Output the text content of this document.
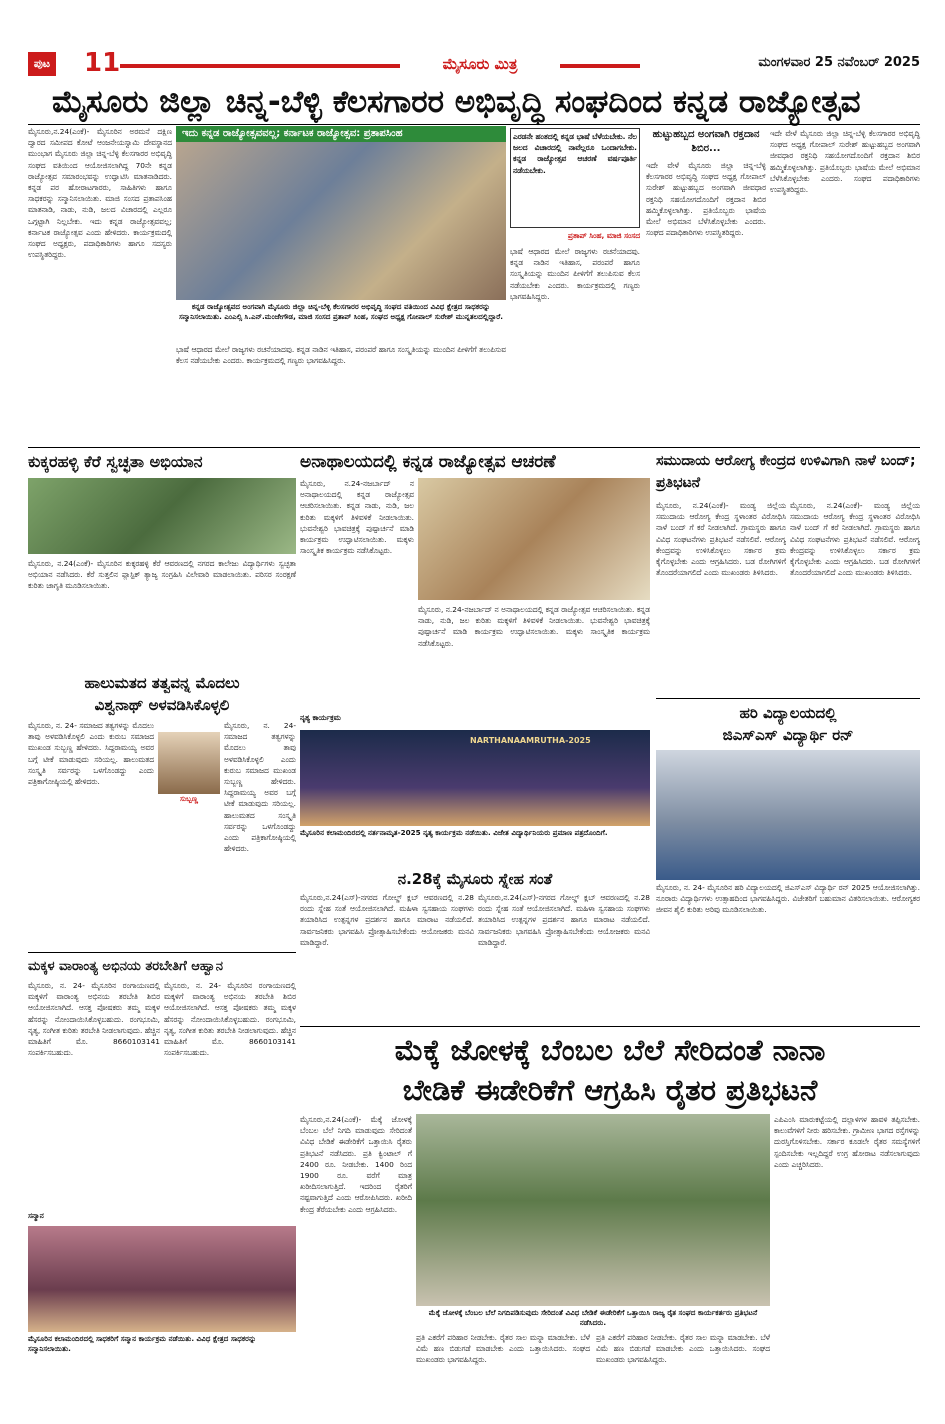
ಪುಟ 11	ಮೈಸೂರು ಮಿತ್ರ	ಮಂಗಳವಾರ 25 ನವೆಂಬರ್ 2025
ಮೈಸೂರು ಜಿಲ್ಲಾ ಚಿನ್ನ-ಬೆಳ್ಳಿ ಕೆಲಸಗಾರರ ಅಭಿವೃದ್ಧಿ ಸಂಘದಿಂದ ಕನ್ನಡ ರಾಜ್ಯೋತ್ಸವ
ಮೈಸೂರು,ನ.24(ಎಂಕೆ)- ಮೈಸೂರಿನ ಅರಮನೆ ದಕ್ಷಿಣ ದ್ವಾರದ ಸಮೀಪದ ಕೋಟೆ ಆಂಜನೇಯಸ್ವಾಮಿ ದೇವಸ್ಥಾನದ ಮುಂಭಾಗ ಮೈಸೂರು ಜಿಲ್ಲಾ ಚಿನ್ನ-ಬೆಳ್ಳಿ ಕೆಲಸಗಾರರ ಅಭಿವೃದ್ಧಿ ಸಂಘದ ವತಿಯಿಂದ ಆಯೋಜಿಸಲಾಗಿದ್ದ 70ನೇ ಕನ್ನಡ ರಾಜ್ಯೋತ್ಸವ ಸಮಾರಂಭವನ್ನು ಉದ್ಘಾಟಿಸಿ ಮಾತನಾಡಿದರು. ಕನ್ನಡ ಪರ ಹೋರಾಟಗಾರರು, ಸಾಹಿತಿಗಳು ಹಾಗೂ ಸಾಧಕರನ್ನು ಸನ್ಮಾನಿಸಲಾಯಿತು. ಮಾಜಿ ಸಂಸದ ಪ್ರತಾಪಸಿಂಹ ಮಾತನಾಡಿ, ನಾಡು, ನುಡಿ, ಜಲದ ವಿಚಾರದಲ್ಲಿ ಎಲ್ಲರೂ ಒಗ್ಗಟ್ಟಾಗಿ ನಿಲ್ಲಬೇಕು. ಇದು ಕನ್ನಡ ರಾಜ್ಯೋತ್ಸವವಲ್ಲ; ಕರ್ನಾಟಕ ರಾಜ್ಯೋತ್ಸವ ಎಂದು ಹೇಳಿದರು. ಕಾರ್ಯಕ್ರಮದಲ್ಲಿ ಸಂಘದ ಅಧ್ಯಕ್ಷರು, ಪದಾಧಿಕಾರಿಗಳು ಹಾಗೂ ಸದಸ್ಯರು ಉಪಸ್ಥಿತರಿದ್ದರು.
ಇದು ಕನ್ನಡ ರಾಜ್ಯೋತ್ಸವವಲ್ಲ; ಕರ್ನಾಟಕ ರಾಜ್ಯೋತ್ಸವ: ಪ್ರತಾಪಸಿಂಹ
ಕನ್ನಡ ರಾಜ್ಯೋತ್ಸವದ ಅಂಗವಾಗಿ ಮೈಸೂರು ಜಿಲ್ಲಾ ಚಿನ್ನ-ಬೆಳ್ಳಿ ಕೆಲಸಗಾರರ ಅಭಿವೃದ್ಧಿ ಸಂಘದ ವತಿಯಿಂದ ವಿವಿಧ ಕ್ಷೇತ್ರದ ಸಾಧಕರನ್ನು ಸನ್ಮಾನಿಸಲಾಯಿತು. ಎಂಎಲ್ಸಿ ಸಿ.ಎನ್.ಮಂಜೇಗೌಡ, ಮಾಜಿ ಸಂಸದ ಪ್ರತಾಪ್ ಸಿಂಹ, ಸಂಘದ ಅಧ್ಯಕ್ಷ ಗೋಪಾಲ್ ಸುರೇಶ್ ಮುನ್ನತಲದಲ್ಲಿದ್ದಾರೆ.
ಭಾಷೆ ಆಧಾರದ ಮೇಲೆ ರಾಜ್ಯಗಳು ರಚನೆಯಾದವು. ಕನ್ನಡ ನಾಡಿನ ಇತಿಹಾಸ, ಪರಂಪರೆ ಹಾಗೂ ಸಂಸ್ಕೃತಿಯನ್ನು ಮುಂದಿನ ಪೀಳಿಗೆಗೆ ತಲುಪಿಸುವ ಕೆಲಸ ನಡೆಯಬೇಕು ಎಂದರು. ಕಾರ್ಯಕ್ರಮದಲ್ಲಿ ಗಣ್ಯರು ಭಾಗವಹಿಸಿದ್ದರು.
ಎರಡನೇ ಹಂತದಲ್ಲಿ ಕನ್ನಡ ಭಾಷೆ ಬೆಳೆಯಬೇಕು. ನೆಲ ಜಲದ ವಿಚಾರದಲ್ಲಿ ನಾವೆಲ್ಲರೂ ಒಂದಾಗಬೇಕು. ಕನ್ನಡ ರಾಜ್ಯೋತ್ಸವ ಆಚರಣೆ ವರ್ಷಪೂರ್ತಿ ನಡೆಯಬೇಕು.
ಪ್ರತಾಪ್ ಸಿಂಹ, ಮಾಜಿ ಸಂಸದ
ಭಾಷೆ ಆಧಾರದ ಮೇಲೆ ರಾಜ್ಯಗಳು ರಚನೆಯಾದವು. ಕನ್ನಡ ನಾಡಿನ ಇತಿಹಾಸ, ಪರಂಪರೆ ಹಾಗೂ ಸಂಸ್ಕೃತಿಯನ್ನು ಮುಂದಿನ ಪೀಳಿಗೆಗೆ ತಲುಪಿಸುವ ಕೆಲಸ ನಡೆಯಬೇಕು ಎಂದರು. ಕಾರ್ಯಕ್ರಮದಲ್ಲಿ ಗಣ್ಯರು ಭಾಗವಹಿಸಿದ್ದರು.
ಹುಟ್ಟುಹಬ್ಬದ ಅಂಗವಾಗಿ ರಕ್ತದಾನ ಶಿಬಿರ...
ಇದೇ ವೇಳೆ ಮೈಸೂರು ಜಿಲ್ಲಾ ಚಿನ್ನ-ಬೆಳ್ಳಿ ಕೆಲಸಗಾರರ ಅಭಿವೃದ್ಧಿ ಸಂಘದ ಅಧ್ಯಕ್ಷ ಗೋಪಾಲ್ ಸುರೇಶ್ ಹುಟ್ಟುಹಬ್ಬದ ಅಂಗವಾಗಿ ಜೀವಧಾರ ರಕ್ತನಿಧಿ ಸಹಯೋಗದೊಂದಿಗೆ ರಕ್ತದಾನ ಶಿಬಿರ ಹಮ್ಮಿಕೊಳ್ಳಲಾಗಿತ್ತು. ಪ್ರತಿಯೊಬ್ಬರು ಭಾಷೆಯ ಮೇಲೆ ಅಭಿಮಾನ ಬೆಳೆಸಿಕೊಳ್ಳಬೇಕು ಎಂದರು. ಸಂಘದ ಪದಾಧಿಕಾರಿಗಳು ಉಪಸ್ಥಿತರಿದ್ದರು.
ಇದೇ ವೇಳೆ ಮೈಸೂರು ಜಿಲ್ಲಾ ಚಿನ್ನ-ಬೆಳ್ಳಿ ಕೆಲಸಗಾರರ ಅಭಿವೃದ್ಧಿ ಸಂಘದ ಅಧ್ಯಕ್ಷ ಗೋಪಾಲ್ ಸುರೇಶ್ ಹುಟ್ಟುಹಬ್ಬದ ಅಂಗವಾಗಿ ಜೀವಧಾರ ರಕ್ತನಿಧಿ ಸಹಯೋಗದೊಂದಿಗೆ ರಕ್ತದಾನ ಶಿಬಿರ ಹಮ್ಮಿಕೊಳ್ಳಲಾಗಿತ್ತು. ಪ್ರತಿಯೊಬ್ಬರು ಭಾಷೆಯ ಮೇಲೆ ಅಭಿಮಾನ ಬೆಳೆಸಿಕೊಳ್ಳಬೇಕು ಎಂದರು. ಸಂಘದ ಪದಾಧಿಕಾರಿಗಳು ಉಪಸ್ಥಿತರಿದ್ದರು.
ಕುಕ್ಕರಹಳ್ಳಿ ಕೆರೆ ಸ್ವಚ್ಛತಾ ಅಭಿಯಾನ
ಮೈಸೂರು, ನ.24(ಎಂಕೆ)- ಮೈಸೂರಿನ ಕುಕ್ಕರಹಳ್ಳಿ ಕೆರೆ ಆವರಣದಲ್ಲಿ ನಗರದ ಕಾಲೇಜು ವಿದ್ಯಾರ್ಥಿಗಳು ಸ್ವಚ್ಛತಾ ಅಭಿಯಾನ ನಡೆಸಿದರು. ಕೆರೆ ಸುತ್ತಲಿನ ಪ್ಲಾಸ್ಟಿಕ್ ತ್ಯಾಜ್ಯ ಸಂಗ್ರಹಿಸಿ ವಿಲೇವಾರಿ ಮಾಡಲಾಯಿತು. ಪರಿಸರ ಸಂರಕ್ಷಣೆ ಕುರಿತು ಜಾಗೃತಿ ಮೂಡಿಸಲಾಯಿತು.
ಅನಾಥಾಲಯದಲ್ಲಿ ಕನ್ನಡ ರಾಜ್ಯೋತ್ಸವ ಆಚರಣೆ
ಮೈಸೂರು, ನ.24-ನಜರ್ಬಾದ್ ನ ಅನಾಥಾಲಯದಲ್ಲಿ ಕನ್ನಡ ರಾಜ್ಯೋತ್ಸವ ಆಚರಿಸಲಾಯಿತು. ಕನ್ನಡ ನಾಡು, ನುಡಿ, ಜಲ ಕುರಿತು ಮಕ್ಕಳಿಗೆ ತಿಳಿವಳಿಕೆ ನೀಡಲಾಯಿತು. ಭುವನೇಶ್ವರಿ ಭಾವಚಿತ್ರಕ್ಕೆ ಪುಷ್ಪಾರ್ಚನೆ ಮಾಡಿ ಕಾರ್ಯಕ್ರಮ ಉದ್ಘಾಟಿಸಲಾಯಿತು. ಮಕ್ಕಳು ಸಾಂಸ್ಕೃತಿಕ ಕಾರ್ಯಕ್ರಮ ನಡೆಸಿಕೊಟ್ಟರು.
ಮೈಸೂರು, ನ.24-ನಜರ್ಬಾದ್ ನ ಅನಾಥಾಲಯದಲ್ಲಿ ಕನ್ನಡ ರಾಜ್ಯೋತ್ಸವ ಆಚರಿಸಲಾಯಿತು. ಕನ್ನಡ ನಾಡು, ನುಡಿ, ಜಲ ಕುರಿತು ಮಕ್ಕಳಿಗೆ ತಿಳಿವಳಿಕೆ ನೀಡಲಾಯಿತು. ಭುವನೇಶ್ವರಿ ಭಾವಚಿತ್ರಕ್ಕೆ ಪುಷ್ಪಾರ್ಚನೆ ಮಾಡಿ ಕಾರ್ಯಕ್ರಮ ಉದ್ಘಾಟಿಸಲಾಯಿತು. ಮಕ್ಕಳು ಸಾಂಸ್ಕೃತಿಕ ಕಾರ್ಯಕ್ರಮ ನಡೆಸಿಕೊಟ್ಟರು.
ಸಮುದಾಯ ಆರೋಗ್ಯ ಕೇಂದ್ರದ ಉಳಿವಿಗಾಗಿ ನಾಳೆ ಬಂದ್; ಪ್ರತಿಭಟನೆ
ಮೈಸೂರು, ನ.24(ಎಂಕೆ)- ಮಂಡ್ಯ ಜಿಲ್ಲೆಯ ಸಮುದಾಯ ಆರೋಗ್ಯ ಕೇಂದ್ರ ಸ್ಥಳಾಂತರ ವಿರೋಧಿಸಿ ನಾಳೆ ಬಂದ್ ಗೆ ಕರೆ ನೀಡಲಾಗಿದೆ. ಗ್ರಾಮಸ್ಥರು ಹಾಗೂ ವಿವಿಧ ಸಂಘಟನೆಗಳು ಪ್ರತಿಭಟನೆ ನಡೆಸಲಿವೆ. ಆರೋಗ್ಯ ಕೇಂದ್ರವನ್ನು ಉಳಿಸಿಕೊಳ್ಳಲು ಸರ್ಕಾರ ಕ್ರಮ ಕೈಗೊಳ್ಳಬೇಕು ಎಂದು ಆಗ್ರಹಿಸಿದರು. ಬಡ ರೋಗಿಗಳಿಗೆ ತೊಂದರೆಯಾಗಲಿದೆ ಎಂದು ಮುಖಂಡರು ತಿಳಿಸಿದರು.
ಮೈಸೂರು, ನ.24(ಎಂಕೆ)- ಮಂಡ್ಯ ಜಿಲ್ಲೆಯ ಸಮುದಾಯ ಆರೋಗ್ಯ ಕೇಂದ್ರ ಸ್ಥಳಾಂತರ ವಿರೋಧಿಸಿ ನಾಳೆ ಬಂದ್ ಗೆ ಕರೆ ನೀಡಲಾಗಿದೆ. ಗ್ರಾಮಸ್ಥರು ಹಾಗೂ ವಿವಿಧ ಸಂಘಟನೆಗಳು ಪ್ರತಿಭಟನೆ ನಡೆಸಲಿವೆ. ಆರೋಗ್ಯ ಕೇಂದ್ರವನ್ನು ಉಳಿಸಿಕೊಳ್ಳಲು ಸರ್ಕಾರ ಕ್ರಮ ಕೈಗೊಳ್ಳಬೇಕು ಎಂದು ಆಗ್ರಹಿಸಿದರು. ಬಡ ರೋಗಿಗಳಿಗೆ ತೊಂದರೆಯಾಗಲಿದೆ ಎಂದು ಮುಖಂಡರು ತಿಳಿಸಿದರು.
ಹಾಲುಮತದ ತತ್ವವನ್ನ ಮೊದಲು
ವಿಶ್ವನಾಥ್ ಅಳವಡಿಸಿಕೊಳ್ಳಲಿ
ಮೈಸೂರು, ನ. 24- ಸಮಾಜದ ತತ್ವಗಳನ್ನು ಮೊದಲು ತಾವು ಅಳವಡಿಸಿಕೊಳ್ಳಲಿ ಎಂದು ಕುರುಬ ಸಮಾಜದ ಮುಖಂಡ ಸುಬ್ಬಣ್ಣ ಹೇಳಿದರು. ಸಿದ್ದರಾಮಯ್ಯ ಅವರ ಬಗ್ಗೆ ಟೀಕೆ ಮಾಡುವುದು ಸರಿಯಲ್ಲ. ಹಾಲುಮತದ ಸಂಸ್ಕೃತಿ ಸರ್ವರನ್ನು ಒಳಗೊಂಡದ್ದು ಎಂದು ಪತ್ರಿಕಾಗೋಷ್ಠಿಯಲ್ಲಿ ಹೇಳಿದರು.
ಸುಬ್ಬಣ್ಣ
ಮೈಸೂರು, ನ. 24- ಸಮಾಜದ ತತ್ವಗಳನ್ನು ಮೊದಲು ತಾವು ಅಳವಡಿಸಿಕೊಳ್ಳಲಿ ಎಂದು ಕುರುಬ ಸಮಾಜದ ಮುಖಂಡ ಸುಬ್ಬಣ್ಣ ಹೇಳಿದರು. ಸಿದ್ದರಾಮಯ್ಯ ಅವರ ಬಗ್ಗೆ ಟೀಕೆ ಮಾಡುವುದು ಸರಿಯಲ್ಲ. ಹಾಲುಮತದ ಸಂಸ್ಕೃತಿ ಸರ್ವರನ್ನು ಒಳಗೊಂಡದ್ದು ಎಂದು ಪತ್ರಿಕಾಗೋಷ್ಠಿಯಲ್ಲಿ ಹೇಳಿದರು.
ನೃತ್ಯ ಕಾರ್ಯಕ್ರಮ
NARTHANAAMRUTHA-2025
ಮೈಸೂರಿನ ಕಲಾಮಂದಿರದಲ್ಲಿ ನರ್ತನಾಮೃತ-2025 ನೃತ್ಯ ಕಾರ್ಯಕ್ರಮ ನಡೆಯಿತು. ವಿಜೇತ ವಿದ್ಯಾರ್ಥಿನಿಯರು ಪ್ರಮಾಣ ಪತ್ರದೊಂದಿಗೆ.
ಹರಿ ವಿದ್ಯಾಲಯದಲ್ಲಿ
ಜಿಎಸ್‌ಎಸ್ ವಿದ್ಯಾರ್ಥಿ ರನ್
ಮೈಸೂರು, ನ. 24- ಮೈಸೂರಿನ ಹರಿ ವಿದ್ಯಾಲಯದಲ್ಲಿ ಜಿಎಸ್ಎಸ್ ವಿದ್ಯಾರ್ಥಿ ರನ್ 2025 ಆಯೋಜಿಸಲಾಗಿತ್ತು. ನೂರಾರು ವಿದ್ಯಾರ್ಥಿಗಳು ಉತ್ಸಾಹದಿಂದ ಭಾಗವಹಿಸಿದ್ದರು. ವಿಜೇತರಿಗೆ ಬಹುಮಾನ ವಿತರಿಸಲಾಯಿತು. ಆರೋಗ್ಯಕರ ಜೀವನ ಶೈಲಿ ಕುರಿತು ಅರಿವು ಮೂಡಿಸಲಾಯಿತು.
ನ.28ಕ್ಕೆ ಮೈಸೂರು ಸ್ನೇಹ ಸಂತೆ
ಮೈಸೂರು,ನ.24(ಎಸ್)-ನಗರದ ಗೋಲ್ಡ್ ಕ್ಲಬ್ ಆವರಣದಲ್ಲಿ ನ.28 ರಂದು ಸ್ನೇಹ ಸಂತೆ ಆಯೋಜಿಸಲಾಗಿದೆ. ಮಹಿಳಾ ಸ್ವಸಹಾಯ ಸಂಘಗಳು ತಯಾರಿಸಿದ ಉತ್ಪನ್ನಗಳ ಪ್ರದರ್ಶನ ಹಾಗೂ ಮಾರಾಟ ನಡೆಯಲಿದೆ. ಸಾರ್ವಜನಿಕರು ಭಾಗವಹಿಸಿ ಪ್ರೋತ್ಸಾಹಿಸಬೇಕೆಂದು ಆಯೋಜಕರು ಮನವಿ ಮಾಡಿದ್ದಾರೆ.
ಮೈಸೂರು,ನ.24(ಎಸ್)-ನಗರದ ಗೋಲ್ಡ್ ಕ್ಲಬ್ ಆವರಣದಲ್ಲಿ ನ.28 ರಂದು ಸ್ನೇಹ ಸಂತೆ ಆಯೋಜಿಸಲಾಗಿದೆ. ಮಹಿಳಾ ಸ್ವಸಹಾಯ ಸಂಘಗಳು ತಯಾರಿಸಿದ ಉತ್ಪನ್ನಗಳ ಪ್ರದರ್ಶನ ಹಾಗೂ ಮಾರಾಟ ನಡೆಯಲಿದೆ. ಸಾರ್ವಜನಿಕರು ಭಾಗವಹಿಸಿ ಪ್ರೋತ್ಸಾಹಿಸಬೇಕೆಂದು ಆಯೋಜಕರು ಮನವಿ ಮಾಡಿದ್ದಾರೆ.
ಮಕ್ಕಳ ವಾರಾಂತ್ಯ ಅಭಿನಯ ತರಬೇತಿಗೆ ಆಹ್ವಾನ
ಮೈಸೂರು, ನ. 24- ಮೈಸೂರಿನ ರಂಗಾಯಣದಲ್ಲಿ ಮಕ್ಕಳಿಗೆ ವಾರಾಂತ್ಯ ಅಭಿನಯ ತರಬೇತಿ ಶಿಬಿರ ಆಯೋಜಿಸಲಾಗಿದೆ. ಆಸಕ್ತ ಪೋಷಕರು ತಮ್ಮ ಮಕ್ಕಳ ಹೆಸರನ್ನು ನೋಂದಾಯಿಸಿಕೊಳ್ಳಬಹುದು. ರಂಗಭೂಮಿ, ನೃತ್ಯ, ಸಂಗೀತ ಕುರಿತು ತರಬೇತಿ ನೀಡಲಾಗುವುದು. ಹೆಚ್ಚಿನ ಮಾಹಿತಿಗೆ ಮೊ. 8660103141 ಸಂಪರ್ಕಿಸಬಹುದು.
ಮೈಸೂರು, ನ. 24- ಮೈಸೂರಿನ ರಂಗಾಯಣದಲ್ಲಿ ಮಕ್ಕಳಿಗೆ ವಾರಾಂತ್ಯ ಅಭಿನಯ ತರಬೇತಿ ಶಿಬಿರ ಆಯೋಜಿಸಲಾಗಿದೆ. ಆಸಕ್ತ ಪೋಷಕರು ತಮ್ಮ ಮಕ್ಕಳ ಹೆಸರನ್ನು ನೋಂದಾಯಿಸಿಕೊಳ್ಳಬಹುದು. ರಂಗಭೂಮಿ, ನೃತ್ಯ, ಸಂಗೀತ ಕುರಿತು ತರಬೇತಿ ನೀಡಲಾಗುವುದು. ಹೆಚ್ಚಿನ ಮಾಹಿತಿಗೆ ಮೊ. 8660103141 ಸಂಪರ್ಕಿಸಬಹುದು.
ಸನ್ಮಾನ
ಮೈಸೂರಿನ ಕಲಾಮಂದಿರದಲ್ಲಿ ಸಾಧಕರಿಗೆ ಸನ್ಮಾನ ಕಾರ್ಯಕ್ರಮ ನಡೆಯಿತು. ವಿವಿಧ ಕ್ಷೇತ್ರದ ಸಾಧಕರನ್ನು ಸನ್ಮಾನಿಸಲಾಯಿತು.
ಮೆಕ್ಕೆ ಜೋಳಕ್ಕೆ ಬೆಂಬಲ ಬೆಲೆ ಸೇರಿದಂತೆ ನಾನಾ
ಬೇಡಿಕೆ ಈಡೇರಿಕೆಗೆ ಆಗ್ರಹಿಸಿ ರೈತರ ಪ್ರತಿಭಟನೆ
ಮೈಸೂರು,ನ.24(ಎಂಕೆ)- ಮೆಕ್ಕೆ ಜೋಳಕ್ಕೆ ಬೆಂಬಲ ಬೆಲೆ ನಿಗದಿ ಮಾಡುವುದು ಸೇರಿದಂತೆ ವಿವಿಧ ಬೇಡಿಕೆ ಈಡೇರಿಕೆಗೆ ಒತ್ತಾಯಿಸಿ ರೈತರು ಪ್ರತಿಭಟನೆ ನಡೆಸಿದರು. ಪ್ರತಿ ಕ್ವಿಂಟಾಲ್ ಗೆ 2400 ರೂ. ನೀಡಬೇಕು. 1400 ರಿಂದ 1900 ರೂ. ವರೆಗೆ ಮಾತ್ರ ಖರೀದಿಸಲಾಗುತ್ತಿದೆ. ಇದರಿಂದ ರೈತರಿಗೆ ನಷ್ಟವಾಗುತ್ತಿದೆ ಎಂದು ಆರೋಪಿಸಿದರು. ಖರೀದಿ ಕೇಂದ್ರ ತೆರೆಯಬೇಕು ಎಂದು ಆಗ್ರಹಿಸಿದರು.
ಮೆಕ್ಕೆ ಜೋಳಕ್ಕೆ ಬೆಂಬಲ ಬೆಲೆ ನಿಗದಿಪಡಿಸುವುದು ಸೇರಿದಂತೆ ವಿವಿಧ ಬೇಡಿಕೆ ಈಡೇರಿಕೆಗೆ ಒತ್ತಾಯಿಸಿ ರಾಜ್ಯ ರೈತ ಸಂಘದ ಕಾರ್ಯಕರ್ತರು ಪ್ರತಿಭಟನೆ ನಡೆಸಿದರು.
ಪ್ರತಿ ಎಕರೆಗೆ ಪರಿಹಾರ ನೀಡಬೇಕು. ರೈತರ ಸಾಲ ಮನ್ನಾ ಮಾಡಬೇಕು. ಬೆಳೆ ವಿಮೆ ಹಣ ಬಿಡುಗಡೆ ಮಾಡಬೇಕು ಎಂದು ಒತ್ತಾಯಿಸಿದರು. ಸಂಘದ ಮುಖಂಡರು ಭಾಗವಹಿಸಿದ್ದರು.
ಪ್ರತಿ ಎಕರೆಗೆ ಪರಿಹಾರ ನೀಡಬೇಕು. ರೈತರ ಸಾಲ ಮನ್ನಾ ಮಾಡಬೇಕು. ಬೆಳೆ ವಿಮೆ ಹಣ ಬಿಡುಗಡೆ ಮಾಡಬೇಕು ಎಂದು ಒತ್ತಾಯಿಸಿದರು. ಸಂಘದ ಮುಖಂಡರು ಭಾಗವಹಿಸಿದ್ದರು.
ಎಪಿಎಂಸಿ ಮಾರುಕಟ್ಟೆಯಲ್ಲಿ ದಲ್ಲಾಳಿಗಳ ಹಾವಳಿ ತಪ್ಪಿಸಬೇಕು. ಕಾಲುವೆಗಳಿಗೆ ನೀರು ಹರಿಸಬೇಕು. ಗ್ರಾಮೀಣ ಭಾಗದ ರಸ್ತೆಗಳನ್ನು ದುರಸ್ತಿಗೊಳಿಸಬೇಕು. ಸರ್ಕಾರ ಕೂಡಲೇ ರೈತರ ಸಮಸ್ಯೆಗಳಿಗೆ ಸ್ಪಂದಿಸಬೇಕು ಇಲ್ಲದಿದ್ದರೆ ಉಗ್ರ ಹೋರಾಟ ನಡೆಸಲಾಗುವುದು ಎಂದು ಎಚ್ಚರಿಸಿದರು.
